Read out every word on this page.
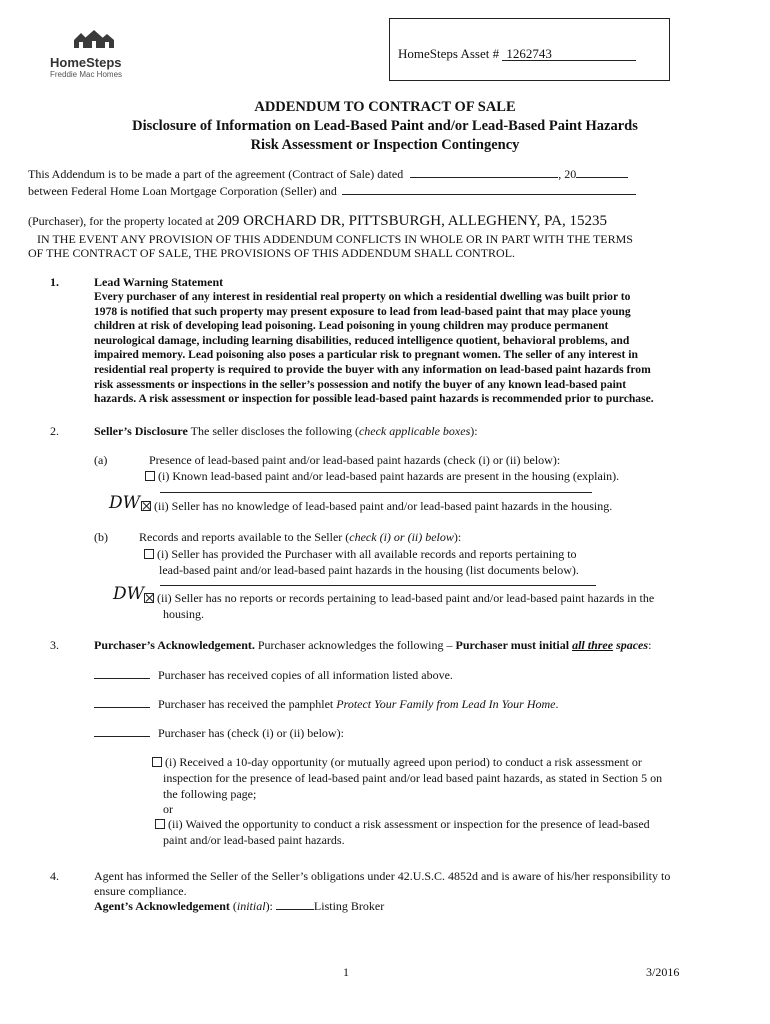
HomeSteps
Freddie Mac Homes
HomeSteps Asset # 1262743
ADDENDUM TO CONTRACT OF SALE
Disclosure of Information on Lead-Based Paint and/or Lead-Based Paint Hazards
Risk Assessment or Inspection Contingency
This Addendum is to be made a part of the agreement (Contract of Sale) dated	, 20
between Federal Home Loan Mortgage Corporation (Seller) and
(Purchaser), for the property located at 209 ORCHARD DR, PITTSBURGH, ALLEGHENY, PA, 15235
IN THE EVENT ANY PROVISION OF THIS ADDENDUM CONFLICTS IN WHOLE OR IN PART WITH THE TERMS
OF THE CONTRACT OF SALE, THE PROVISIONS OF THIS ADDENDUM SHALL CONTROL.
1.	Lead Warning Statement
Every purchaser of any interest in residential real property on which a residential dwelling was built prior to
1978 is notified that such property may present exposure to lead from lead-based paint that may place young
children at risk of developing lead poisoning. Lead poisoning in young children may produce permanent
neurological damage, including learning disabilities, reduced intelligence quotient, behavioral problems, and
impaired memory. Lead poisoning also poses a particular risk to pregnant women. The seller of any interest in
residential real property is required to provide the buyer with any information on lead-based paint hazards from
risk assessments or inspections in the seller’s possession and notify the buyer of any known lead-based paint
hazards. A risk assessment or inspection for possible lead-based paint hazards is recommended prior to purchase.
2.	Seller’s Disclosure The seller discloses the following (check applicable boxes):
(a)	Presence of lead-based paint and/or lead-based paint hazards (check (i) or (ii) below):
(i) Known lead-based paint and/or lead-based paint hazards are present in the housing (explain).
DW	(ii) Seller has no knowledge of lead-based paint and/or lead-based paint hazards in the housing.
(b)	Records and reports available to the Seller (check (i) or (ii) below):
(i) Seller has provided the Purchaser with all available records and reports pertaining to
lead-based paint and/or lead-based paint hazards in the housing (list documents below).
DW	(ii) Seller has no reports or records pertaining to lead-based paint and/or lead-based paint hazards in the
housing.
3.	Purchaser’s Acknowledgement. Purchaser acknowledges the following – Purchaser must initial all three spaces:
Purchaser has received copies of all information listed above.
Purchaser has received the pamphlet Protect Your Family from Lead In Your Home.
Purchaser has (check (i) or (ii) below):
(i) Received a 10-day opportunity (or mutually agreed upon period) to conduct a risk assessment or
inspection for the presence of lead-based paint and/or lead based paint hazards, as stated in Section 5 on
the following page;
or
(ii) Waived the opportunity to conduct a risk assessment or inspection for the presence of lead-based
paint and/or lead-based paint hazards.
4.	Agent has informed the Seller of the Seller’s obligations under 42.U.S.C. 4852d and is aware of his/her responsibility to
ensure compliance.
Agent’s Acknowledgement (initial):	Listing Broker
1	3/2016
